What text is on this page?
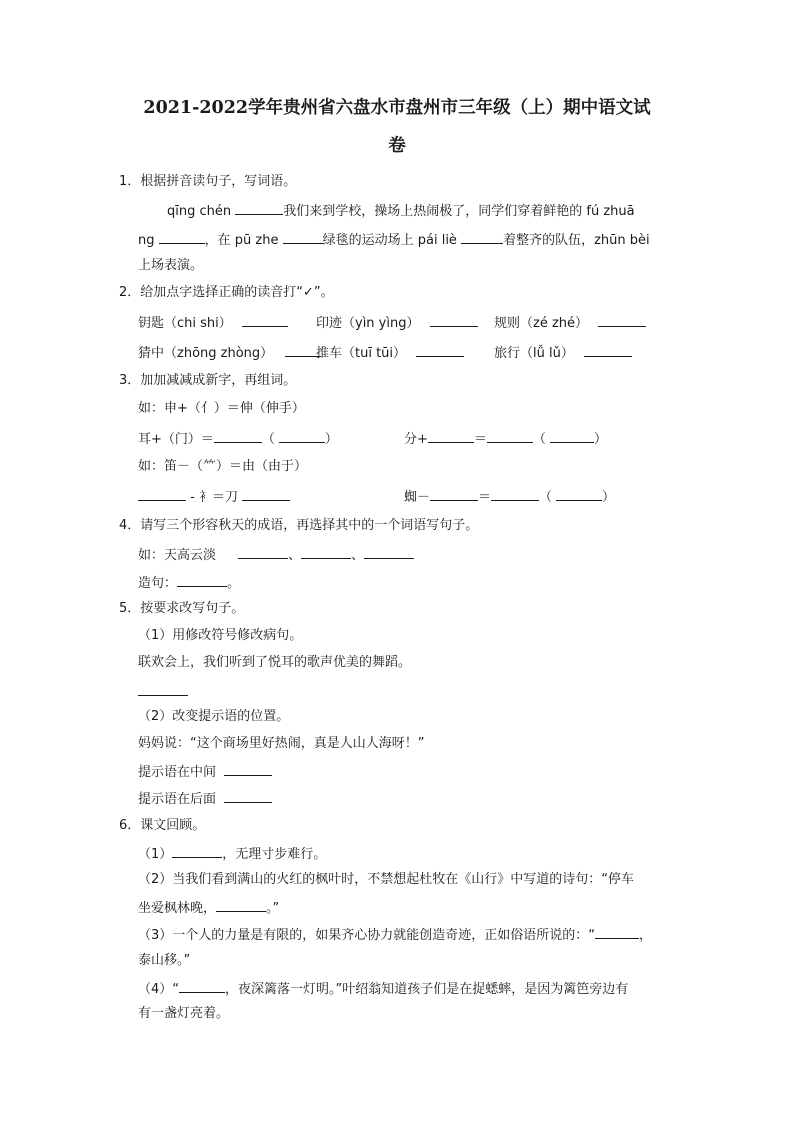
2021-2022学年贵州省六盘水市盘州市三年级（上）期中语文试
卷
1．根据拼音读句子，写词语。
qīng chén	我们来到学校，操场上热闹极了，同学们穿着鲜艳的 fú zhuā
ng	，在 pū zhe	绿毯的运动场上 pái liè	着整齐的队伍，zhūn bèi
上场表演。
2．给加点字选择正确的读音打“✓”。
钥匙（chi shi）	印迹（yìn yìng）	规则（zé zhé）
猜中（zhōng zhòng）	推车（tuī tūi）	旅行（lǚ lǔ）
3．加加减减成新字，再组词。
如：申+（亻）＝伸（伸手）
耳+（门）＝	（	）	分+	＝	（	）
如：笛－（⺮）＝由（由于）
- 衤＝刀	蜘－	＝	（	）
4．请写三个形容秋天的成语，再选择其中的一个词语写句子。
如：天高云淡	、	、
造句：	。
5．按要求改写句子。
（1）用修改符号修改病句。
联欢会上，我们听到了悦耳的歌声优美的舞蹈。
（2）改变提示语的位置。
妈妈说：“这个商场里好热闹，真是人山人海呀！”
提示语在中间
提示语在后面
6．课文回顾。
（1）	，无理寸步难行。
（2）当我们看到满山的火红的枫叶时，不禁想起杜牧在《山行》中写道的诗句：“停车
坐爱枫林晚，	。”
（3）一个人的力量是有限的，如果齐心协力就能创造奇迹，正如俗语所说的：“	，
泰山移。”
（4）“	，夜深篱落一灯明。”叶绍翁知道孩子们是在捉蟋蟀，是因为篱笆旁边有
有一盏灯亮着。
